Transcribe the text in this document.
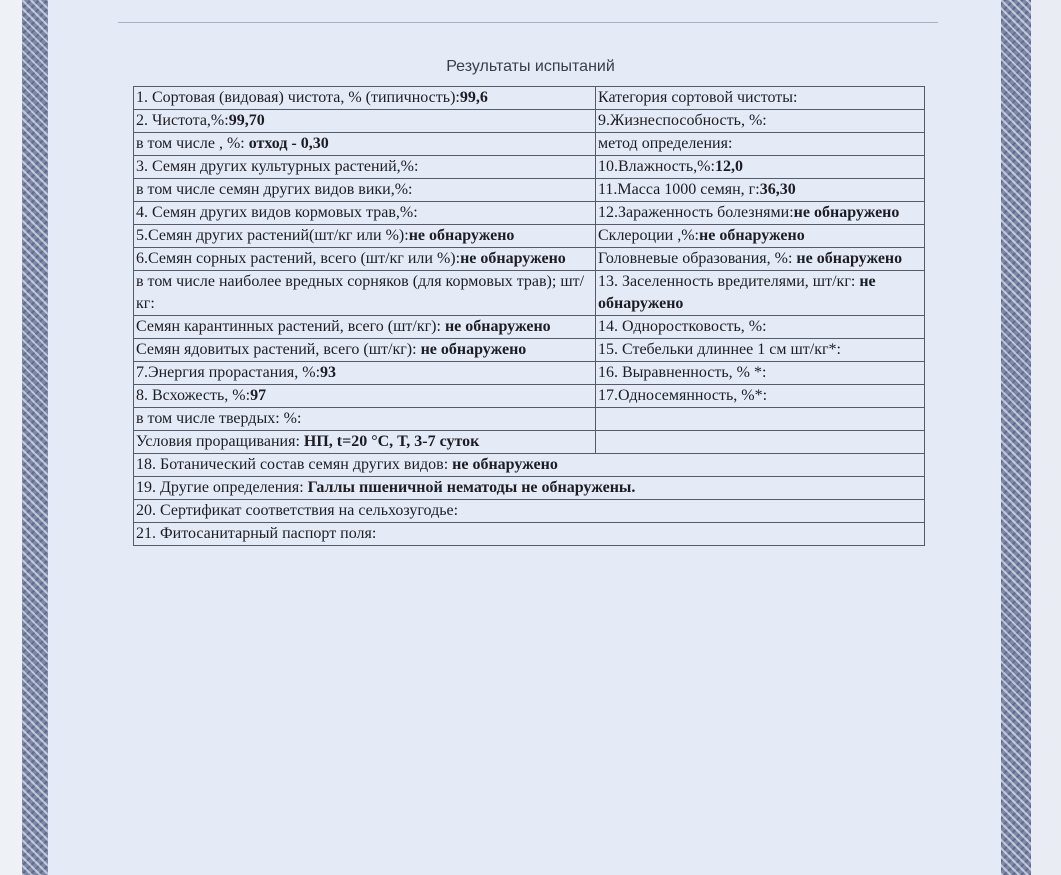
Результаты испытаний
1. Сортовая (видовая) чистота, % (типичность):99,6	Категория сортовой чистоты:
2. Чистота,%:99,70	9.Жизнеспособность, %:
в том числе , %: отход - 0,30	метод определения:
3. Семян других культурных растений,%:	10.Влажность,%:12,0
в том числе семян других видов вики,%:	11.Масса 1000 семян, г:36,30
4. Семян других видов кормовых трав,%:	12.Зараженность болезнями:не обнаружено
5.Семян других растений(шт/кг или %):не обнаружено	Склероции ,%:не обнаружено
6.Семян сорных растений, всего (шт/кг или %):не обнаружено	Головневые образования, %: не обнаружено
в том числе наиболее вредных сорняков (для кормовых трав); шт/кг:	13. Заселенность вредителями, шт/кг: не обнаружено
Семян карантинных растений, всего (шт/кг): не обнаружено	14. Однoростковость, %:
Семян ядовитых растений, всего (шт/кг): не обнаружено	15. Стебельки длиннее 1 см шт/кг*:
7.Энергия прорастания, %:93	16. Выравненность, % *:
8. Всхожесть, %:97	17.Односемянность, %*:
в том числе твердых: %:	
Условия проращивания: НП, t=20 °C, Т, 3-7 суток	
18. Ботанический состав семян других видов: не обнаружено	
19. Другие определения: Галлы пшеничной нематоды не обнаружены.	
20. Сертификат соответствия на сельхозугодье:	
21. Фитосанитарный паспорт поля:	
